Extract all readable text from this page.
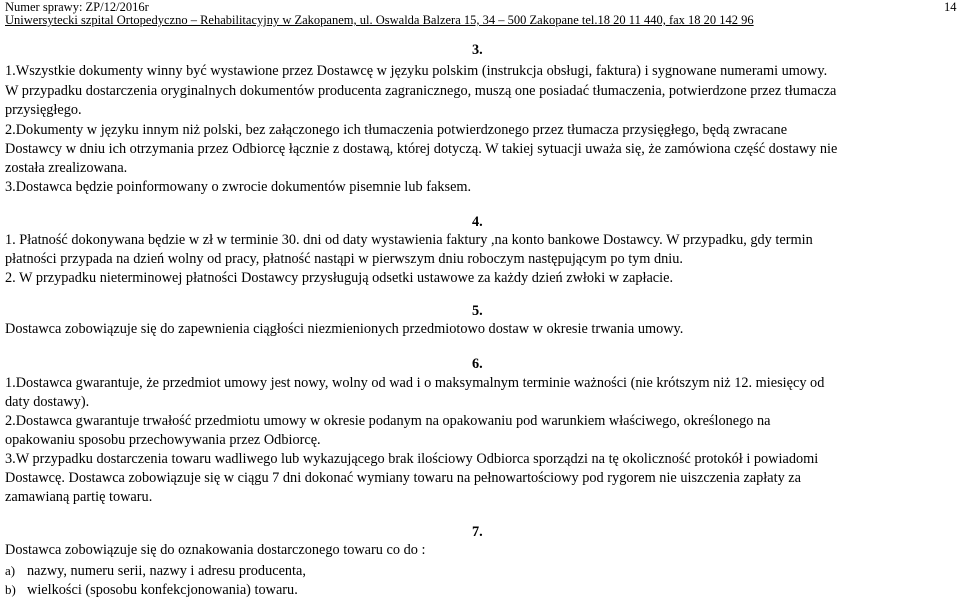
Numer sprawy: ZP/12/2016r
Uniwersytecki szpital Ortopedyczno – Rehabilitacyjny w Zakopanem, ul. Oswalda Balzera 15, 34 – 500 Zakopane tel.18 20 11 440, fax 18 20 142 96
14
3.
1.Wszystkie dokumenty winny być wystawione przez Dostawcę w języku polskim (instrukcja obsługi, faktura) i sygnowane numerami umowy.
W przypadku dostarczenia oryginalnych dokumentów producenta zagranicznego, muszą one posiadać tłumaczenia, potwierdzone przez tłumacza
przysięgłego.
2.Dokumenty w języku innym niż polski, bez załączonego ich tłumaczenia potwierdzonego przez tłumacza przysięgłego, będą zwracane
Dostawcy w dniu ich otrzymania przez Odbiorcę łącznie z dostawą, której dotyczą. W takiej sytuacji uważa się, że zamówiona część dostawy nie
została zrealizowana.
3.Dostawca będzie poinformowany o zwrocie dokumentów pisemnie lub faksem.
4.
1. Płatność dokonywana będzie w zł w terminie 30. dni od daty wystawienia faktury ,na konto bankowe Dostawcy. W przypadku, gdy termin
płatności przypada na dzień wolny od pracy, płatność nastąpi w pierwszym dniu roboczym następującym po tym dniu.
2. W przypadku nieterminowej płatności Dostawcy przysługują odsetki ustawowe za każdy dzień zwłoki w zapłacie.
5.
Dostawca zobowiązuje się do zapewnienia ciągłości niezmienionych przedmiotowo dostaw w okresie trwania umowy.
6.
1.Dostawca gwarantuje, że przedmiot umowy jest nowy, wolny od wad i o maksymalnym terminie ważności (nie krótszym niż 12. miesięcy od
daty dostawy).
2.Dostawca gwarantuje trwałość przedmiotu umowy w okresie podanym na opakowaniu pod warunkiem właściwego, określonego na
opakowaniu sposobu przechowywania przez Odbiorcę.
3.W przypadku dostarczenia towaru wadliwego lub wykazującego brak ilościowy Odbiorca sporządzi na tę okoliczność protokół i powiadomi
Dostawcę. Dostawca zobowiązuje się w ciągu 7 dni dokonać wymiany towaru na pełnowartościowy pod rygorem nie uiszczenia zapłaty za
zamawianą partię towaru.
7.
Dostawca zobowiązuje się do oznakowania dostarczonego towaru co do :
a) nazwy, numeru serii, nazwy i adresu producenta,
b) wielkości (sposobu konfekcjonowania) towaru.
